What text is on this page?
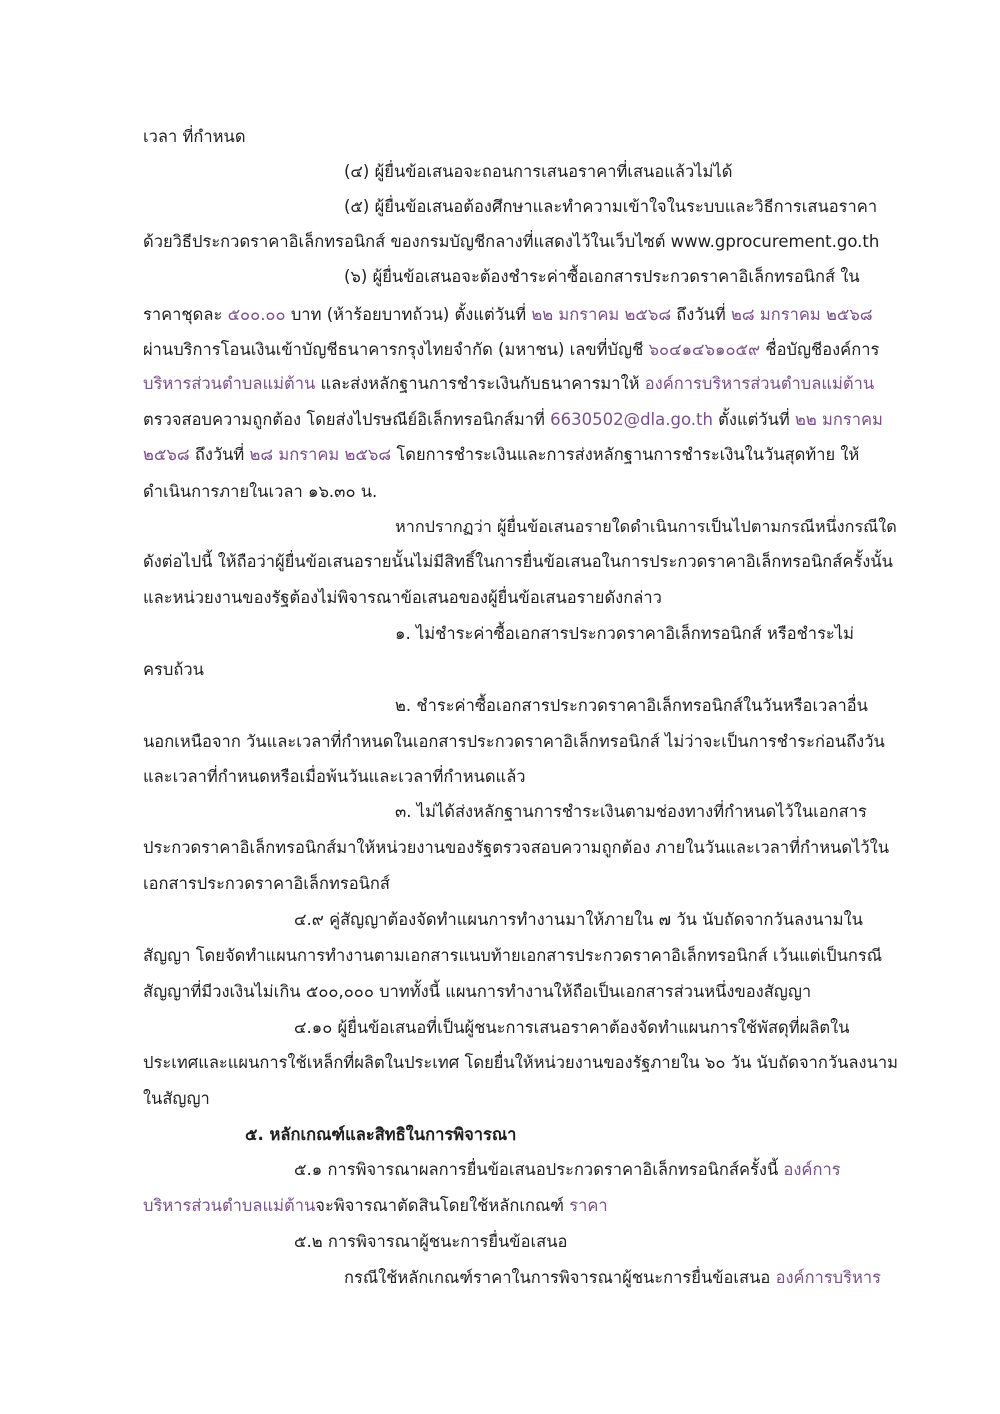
เวลา ที่กำหนด
(๔) ผู้ยื่นข้อเสนอจะถอนการเสนอราคาที่เสนอแล้วไม่ได้
(๕) ผู้ยื่นข้อเสนอต้องศึกษาและทำความเข้าใจในระบบและวิธีการเสนอราคา
ด้วยวิธีประกวดราคาอิเล็กทรอนิกส์ ของกรมบัญชีกลางที่แสดงไว้ในเว็บไซต์ www.gprocurement.go.th
(๖) ผู้ยื่นข้อเสนอจะต้องชำระค่าซื้อเอกสารประกวดราคาอิเล็กทรอนิกส์ ใน
ราคาชุดละ ๕๐๐.๐๐ บาท (ห้าร้อยบาทถ้วน) ตั้งแต่วันที่ ๒๒ มกราคม ๒๕๖๘ ถึงวันที่ ๒๘ มกราคม ๒๕๖๘
ผ่านบริการโอนเงินเข้าบัญชีธนาคารกรุงไทยจำกัด (มหาชน) เลขที่บัญชี ๖๐๔๑๔๖๑๐๕๙ ชื่อบัญชีองค์การ
บริหารส่วนตำบลแม่ต้าน และส่งหลักฐานการชำระเงินกับธนาคารมาให้ องค์การบริหารส่วนตำบลแม่ต้าน
ตรวจสอบความถูกต้อง โดยส่งไปรษณีย์อิเล็กทรอนิกส์มาที่ 6630502@dla.go.th ตั้งแต่วันที่ ๒๒ มกราคม
๒๕๖๘ ถึงวันที่ ๒๘ มกราคม ๒๕๖๘ โดยการชำระเงินและการส่งหลักฐานการชำระเงินในวันสุดท้าย ให้
ดำเนินการภายในเวลา ๑๖.๓๐ น.
หากปรากฏว่า ผู้ยื่นข้อเสนอรายใดดำเนินการเป็นไปตามกรณีหนึ่งกรณีใด
ดังต่อไปนี้ ให้ถือว่าผู้ยื่นข้อเสนอรายนั้นไม่มีสิทธิ์ในการยื่นข้อเสนอในการประกวดราคาอิเล็กทรอนิกส์ครั้งนั้น
และหน่วยงานของรัฐต้องไม่พิจารณาข้อเสนอของผู้ยื่นข้อเสนอรายดังกล่าว
๑. ไม่ชำระค่าซื้อเอกสารประกวดราคาอิเล็กทรอนิกส์ หรือชำระไม่
ครบถ้วน
๒. ชำระค่าซื้อเอกสารประกวดราคาอิเล็กทรอนิกส์ในวันหรือเวลาอื่น
นอกเหนือจาก วันและเวลาที่กำหนดในเอกสารประกวดราคาอิเล็กทรอนิกส์ ไม่ว่าจะเป็นการชำระก่อนถึงวัน
และเวลาที่กำหนดหรือเมื่อพ้นวันและเวลาที่กำหนดแล้ว
๓. ไม่ได้ส่งหลักฐานการชำระเงินตามช่องทางที่กำหนดไว้ในเอกสาร
ประกวดราคาอิเล็กทรอนิกส์มาให้หน่วยงานของรัฐตรวจสอบความถูกต้อง ภายในวันและเวลาที่กำหนดไว้ใน
เอกสารประกวดราคาอิเล็กทรอนิกส์
๔.๙ คู่สัญญาต้องจัดทำแผนการทำงานมาให้ภายใน ๗ วัน นับถัดจากวันลงนามใน
สัญญา โดยจัดทำแผนการทำงานตามเอกสารแนบท้ายเอกสารประกวดราคาอิเล็กทรอนิกส์ เว้นแต่เป็นกรณี
สัญญาที่มีวงเงินไม่เกิน ๕๐๐,๐๐๐ บาททั้งนี้ แผนการทำงานให้ถือเป็นเอกสารส่วนหนึ่งของสัญญา
๔.๑๐ ผู้ยื่นข้อเสนอที่เป็นผู้ชนะการเสนอราคาต้องจัดทำแผนการใช้พัสดุที่ผลิตใน
ประเทศและแผนการใช้เหล็กที่ผลิตในประเทศ โดยยื่นให้หน่วยงานของรัฐภายใน ๖๐ วัน นับถัดจากวันลงนาม
ในสัญญา
๕. หลักเกณฑ์และสิทธิในการพิจารณา
๕.๑ การพิจารณาผลการยื่นข้อเสนอประกวดราคาอิเล็กทรอนิกส์ครั้งนี้ องค์การ
บริหารส่วนตำบลแม่ต้านจะพิจารณาตัดสินโดยใช้หลักเกณฑ์ ราคา
๕.๒ การพิจารณาผู้ชนะการยื่นข้อเสนอ
กรณีใช้หลักเกณฑ์ราคาในการพิจารณาผู้ชนะการยื่นข้อเสนอ องค์การบริหาร
